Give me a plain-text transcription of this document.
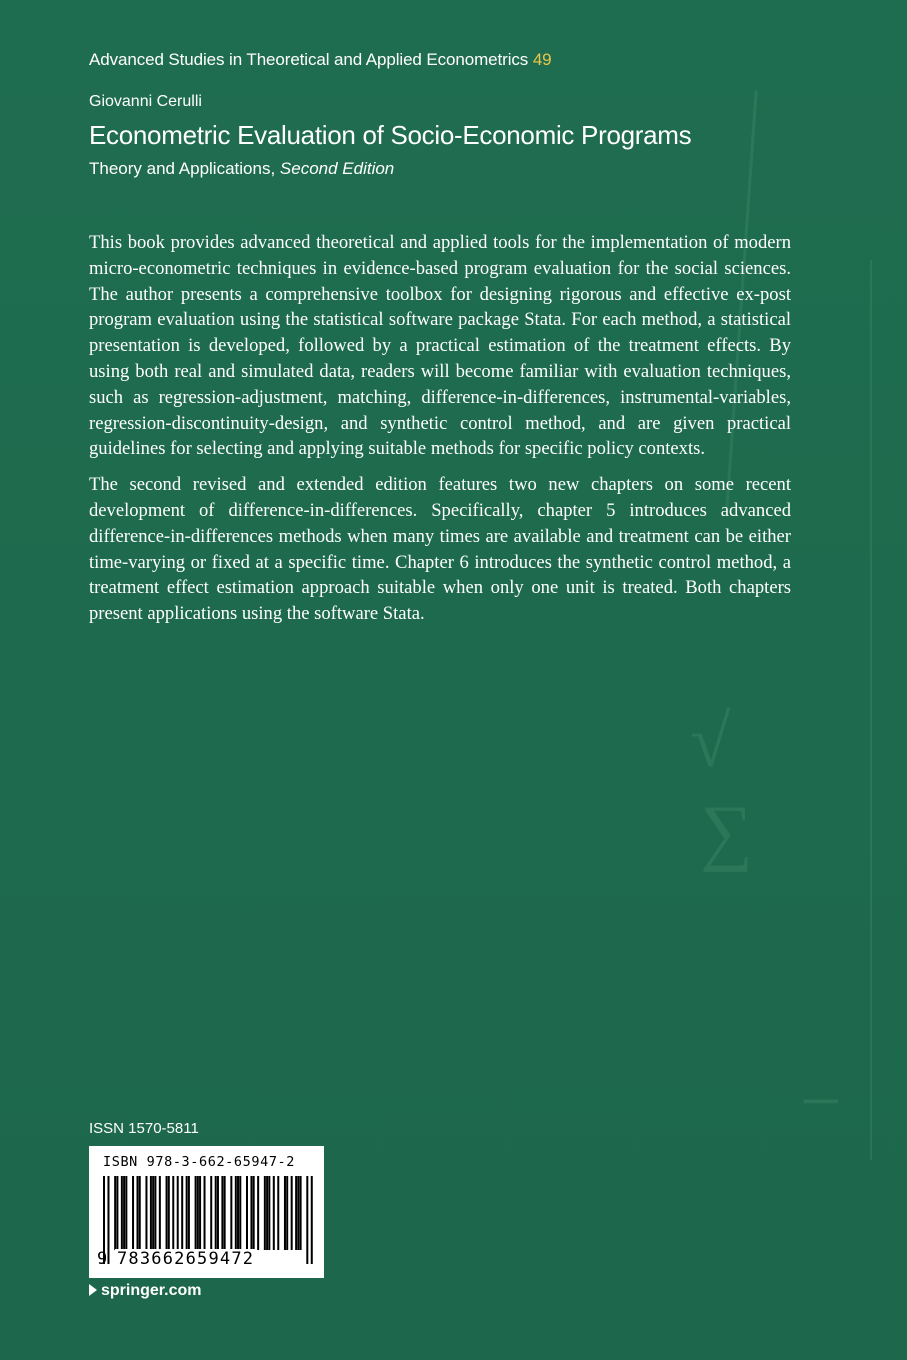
√
∑
−
Advanced Studies in Theoretical and Applied Econometrics 49
Giovanni Cerulli
Econometric Evaluation of Socio-Economic Programs
Theory and Applications, Second Edition

This book provides advanced theoretical and applied tools for the implementation of modern micro-econometric techniques in evidence-based program evaluation for the social sciences. The author presents a comprehensive toolbox for designing rigorous and effective ex-post program evaluation using the statistical software package Stata. For each method, a statistical presentation is developed, followed by a practical estimation of the treatment effects. By using both real and simulated data, readers will become familiar with evaluation techniques, such as regression-adjustment, matching, difference-in-differences, instrumental-variables, regression-discontinuity-design, and synthetic control method, and are given practical guidelines for selecting and applying suitable methods for specific policy contexts.

The second revised and extended edition features two new chapters on some recent development of difference-in-differences. Specifically, chapter 5 introduces advanced difference-in-differences methods when many times are available and treatment can be either time-varying or fixed at a specific time. Chapter 6 introduces the synthetic control method, a treatment effect estimation approach suitable when only one unit is treated. Both chapters present applications using the software Stata.

ISSN 1570-5811
ISBN 978-3-662-65947-2
9 783662659472
springer.com
